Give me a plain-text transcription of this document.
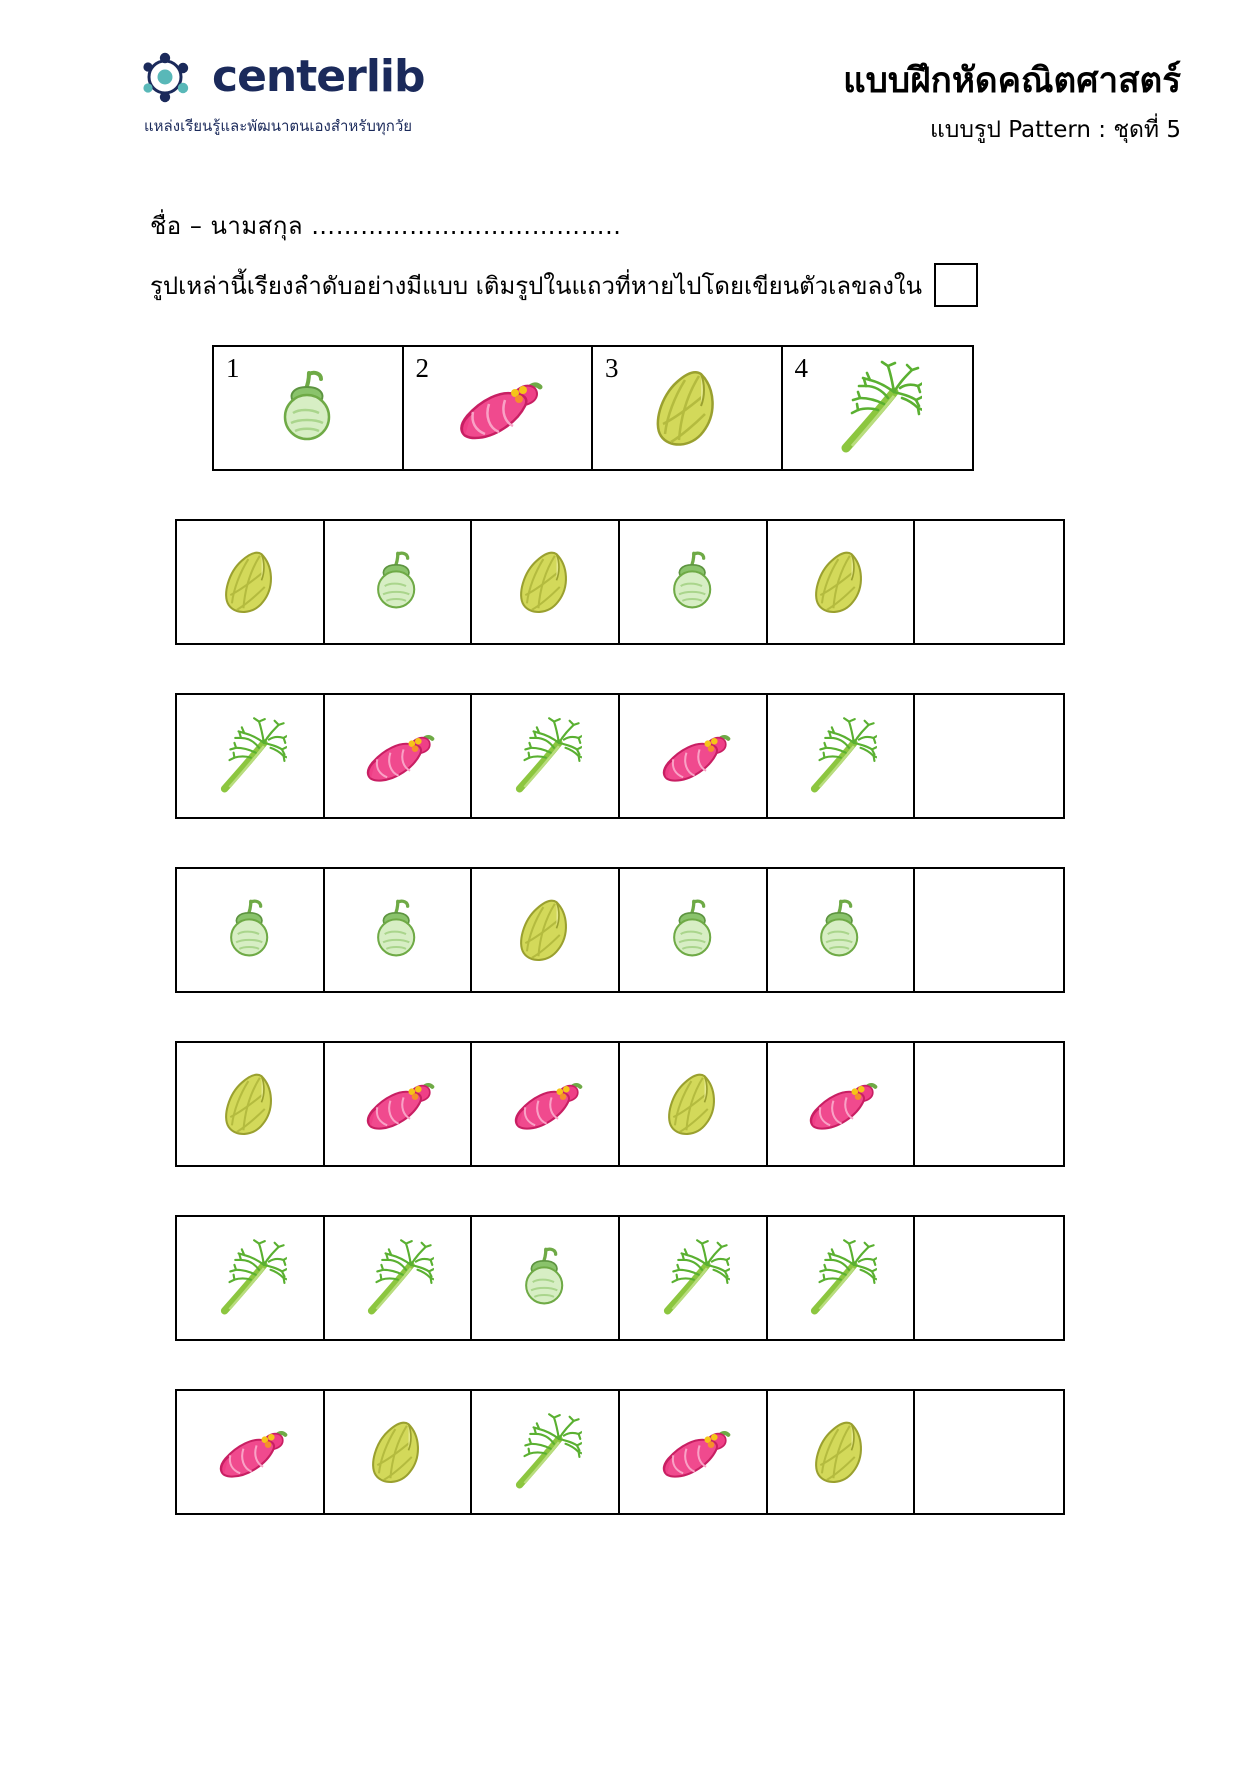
centerlib
แหล่งเรียนรู้และพัฒนาตนเองสำหรับทุกวัย
แบบฝึกหัดคณิตศาสตร์
แบบรูป Pattern : ชุดที่ 5
ชื่อ – นามสกุล ………………………………..
รูปเหล่านี้เรียงลำดับอย่างมีแบบ เติมรูปในแถวที่หายไปโดยเขียนตัวเลขลงใน
1	2	3	4
